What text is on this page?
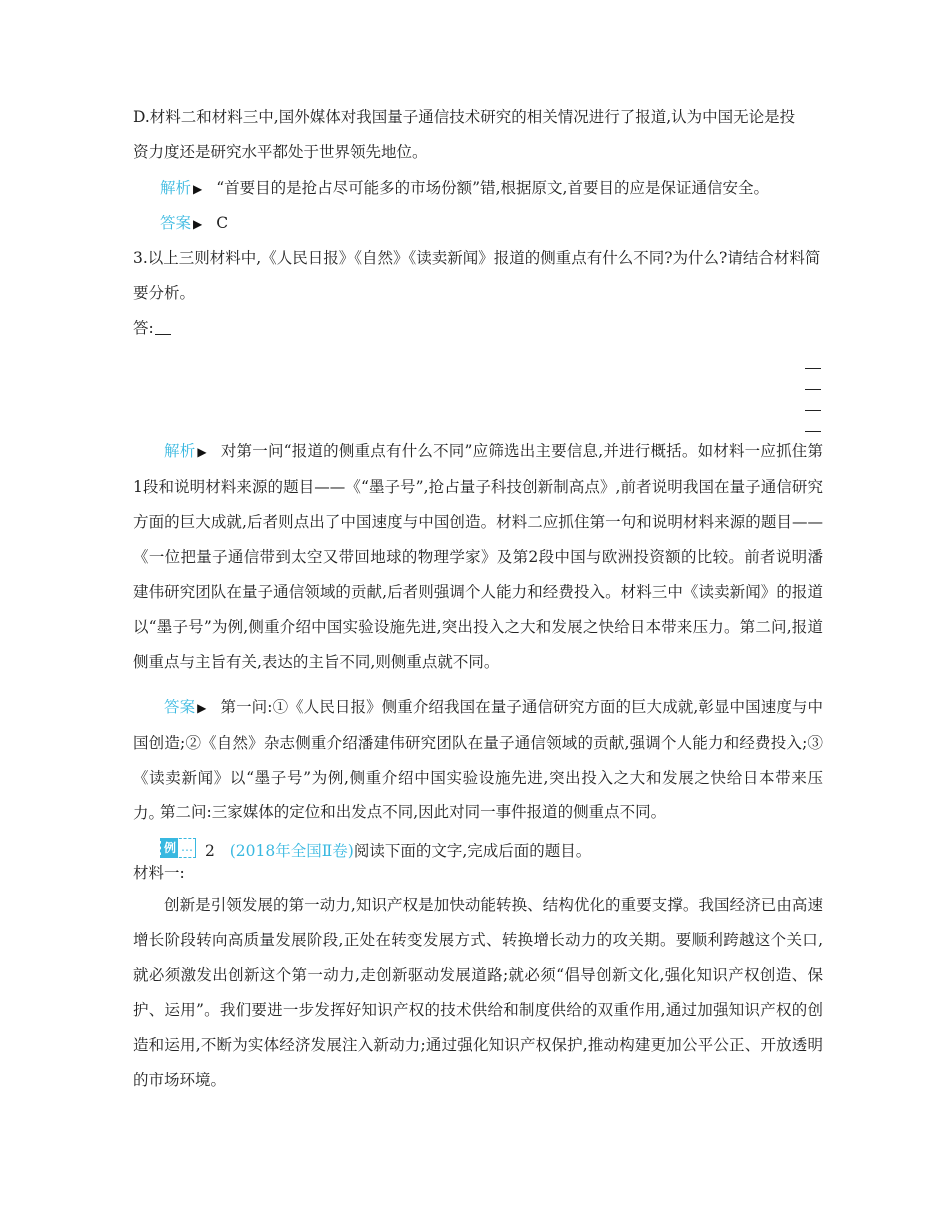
D.材料二和材料三中,国外媒体对我国量子通信技术研究的相关情况进行了报道,认为中国无论是投
资力度还是研究水平都处于世界领先地位。
解析 ▶ “首要目的是抢占尽可能多的市场份额”错,根据原文,首要目的应是保证通信安全。
答案 ▶ C
3.以上三则材料中,《人民日报》《自然》《读卖新闻》报道的侧重点有什么不同?为什么?请结合材料简
要分析。
答:

解析 ▶ 对第一问“报道的侧重点有什么不同”应筛选出主要信息,并进行概括。如材料一应抓住第1段和说明材料来源的题目——《“墨子号”,抢占量子科技创新制高点》,前者说明我国在量子通信研究方面的巨大成就,后者则点出了中国速度与中国创造。材料二应抓住第一句和说明材料来源的题目——《一位把量子通信带到太空又带回地球的物理学家》及第2段中国与欧洲投资额的比较。前者说明潘建伟研究团队在量子通信领域的贡献,后者则强调个人能力和经费投入。材料三中《读卖新闻》的报道以“墨子号”为例,侧重介绍中国实验设施先进,突出投入之大和发展之快给日本带来压力。第二问,报道侧重点与主旨有关,表达的主旨不同,则侧重点就不同。

答案 ▶ 第一问:①《人民日报》侧重介绍我国在量子通信研究方面的巨大成就,彰显中国速度与中国创造;②《自然》杂志侧重介绍潘建伟研究团队在量子通信领域的贡献,强调个人能力和经费投入;③《读卖新闻》以“墨子号”为例,侧重介绍中国实验设施先进,突出投入之大和发展之快给日本带来压力。

第二问:三家媒体的定位和出发点不同,因此对同一事件报道的侧重点不同。
例 … 2 (2018年全国Ⅱ卷)阅读下面的文字,完成后面的题目。
材料一:

创新是引领发展的第一动力,知识产权是加快动能转换、结构优化的重要支撑。我国经济已由高速增长阶段转向高质量发展阶段,正处在转变发展方式、转换增长动力的攻关期。要顺利跨越这个关口,就必须激发出创新这个第一动力,走创新驱动发展道路;就必须“倡导创新文化,强化知识产权创造、保护、运用”。我们要进一步发挥好知识产权的技术供给和制度供给的双重作用,通过加强知识产权的创造和运用,不断为实体经济发展注入新动力;通过强化知识产权保护,推动构建更加公平公正、开放透明的市场环境。
